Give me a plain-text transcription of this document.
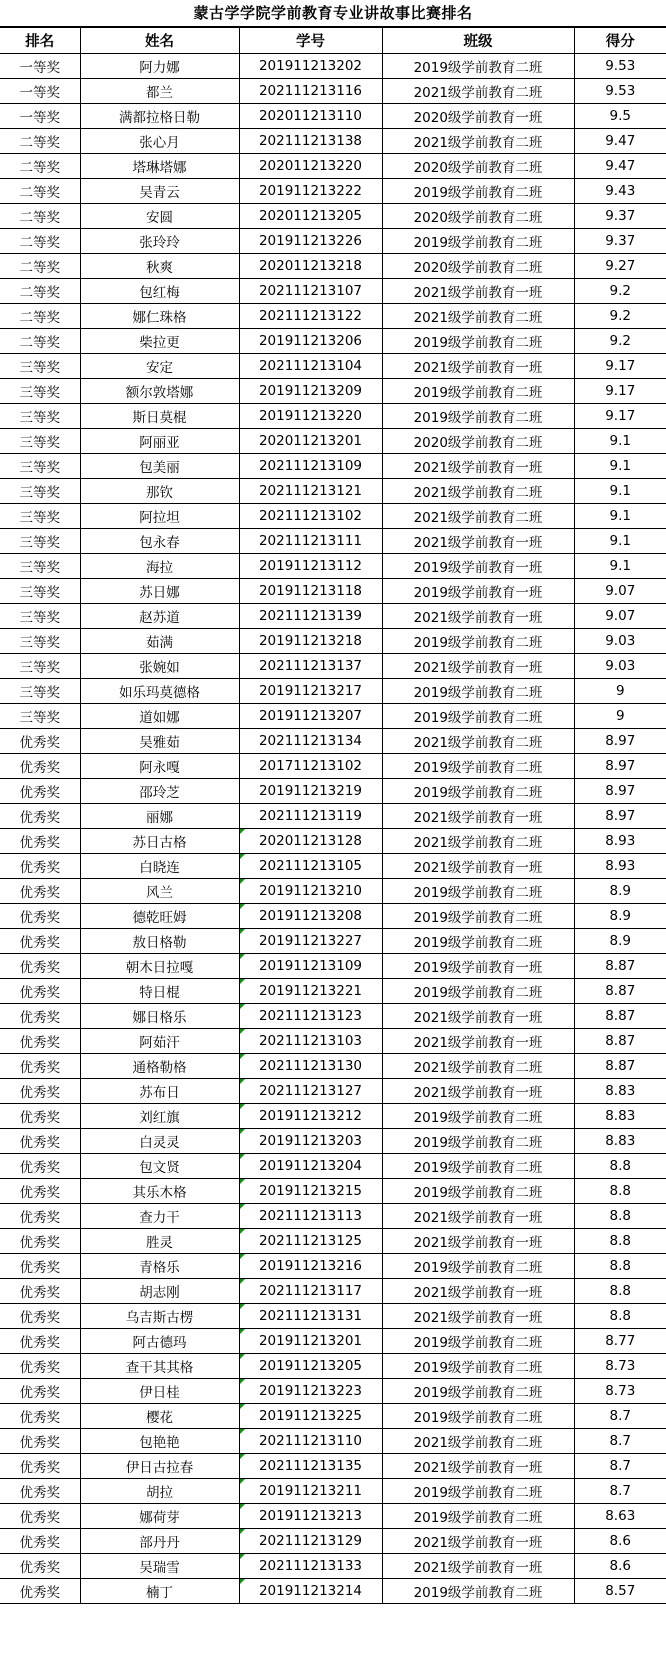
蒙古学学院学前教育专业讲故事比赛排名
排名	姓名	学号	班级	得分
一等奖	阿力娜	201911213202	2019级学前教育二班	9.53
一等奖	都兰	202111213116	2021级学前教育二班	9.53
一等奖	满都拉格日勒	202011213110	2020级学前教育一班	9.5
二等奖	张心月	202111213138	2021级学前教育二班	9.47
二等奖	塔琳塔娜	202011213220	2020级学前教育二班	9.47
二等奖	吴青云	201911213222	2019级学前教育二班	9.43
二等奖	安圆	202011213205	2020级学前教育二班	9.37
二等奖	张玲玲	201911213226	2019级学前教育二班	9.37
二等奖	秋爽	202011213218	2020级学前教育二班	9.27
二等奖	包红梅	202111213107	2021级学前教育一班	9.2
二等奖	娜仁珠格	202111213122	2021级学前教育二班	9.2
二等奖	柴拉更	201911213206	2019级学前教育二班	9.2
三等奖	安定	202111213104	2021级学前教育一班	9.17
三等奖	额尔敦塔娜	201911213209	2019级学前教育二班	9.17
三等奖	斯日莫棍	201911213220	2019级学前教育二班	9.17
三等奖	阿丽亚	202011213201	2020级学前教育二班	9.1
三等奖	包美丽	202111213109	2021级学前教育一班	9.1
三等奖	那钦	202111213121	2021级学前教育二班	9.1
三等奖	阿拉坦	202111213102	2021级学前教育二班	9.1
三等奖	包永春	202111213111	2021级学前教育一班	9.1
三等奖	海拉	201911213112	2019级学前教育一班	9.1
三等奖	苏日娜	201911213118	2019级学前教育一班	9.07
三等奖	赵苏道	202111213139	2021级学前教育一班	9.07
三等奖	茹满	201911213218	2019级学前教育二班	9.03
三等奖	张婉如	202111213137	2021级学前教育一班	9.03
三等奖	如乐玛莫德格	201911213217	2019级学前教育二班	9
三等奖	道如娜	201911213207	2019级学前教育二班	9
优秀奖	吴雅茹	202111213134	2021级学前教育二班	8.97
优秀奖	阿永嘎	201711213102	2019级学前教育二班	8.97
优秀奖	邵玲芝	201911213219	2019级学前教育二班	8.97
优秀奖	丽娜	202111213119	2021级学前教育一班	8.97
优秀奖	苏日古格	202011213128	2021级学前教育二班	8.93
优秀奖	白晓连	202111213105	2021级学前教育一班	8.93
优秀奖	风兰	201911213210	2019级学前教育二班	8.9
优秀奖	德乾旺姆	201911213208	2019级学前教育二班	8.9
优秀奖	敖日格勒	201911213227	2019级学前教育二班	8.9
优秀奖	朝木日拉嘎	201911213109	2019级学前教育一班	8.87
优秀奖	特日棍	201911213221	2019级学前教育二班	8.87
优秀奖	娜日格乐	202111213123	2021级学前教育一班	8.87
优秀奖	阿茹汗	202111213103	2021级学前教育一班	8.87
优秀奖	通格勒格	202111213130	2021级学前教育二班	8.87
优秀奖	苏布日	202111213127	2021级学前教育一班	8.83
优秀奖	刘红旗	201911213212	2019级学前教育二班	8.83
优秀奖	白灵灵	201911213203	2019级学前教育二班	8.83
优秀奖	包文贤	201911213204	2019级学前教育二班	8.8
优秀奖	其乐木格	201911213215	2019级学前教育二班	8.8
优秀奖	查力干	202111213113	2021级学前教育一班	8.8
优秀奖	胜灵	202111213125	2021级学前教育一班	8.8
优秀奖	青格乐	201911213216	2019级学前教育二班	8.8
优秀奖	胡志刚	202111213117	2021级学前教育一班	8.8
优秀奖	乌吉斯古楞	202111213131	2021级学前教育一班	8.8
优秀奖	阿古德玛	201911213201	2019级学前教育二班	8.77
优秀奖	查干其其格	201911213205	2019级学前教育二班	8.73
优秀奖	伊日桂	201911213223	2019级学前教育二班	8.73
优秀奖	樱花	201911213225	2019级学前教育二班	8.7
优秀奖	包艳艳	202111213110	2021级学前教育二班	8.7
优秀奖	伊日古拉春	202111213135	2021级学前教育一班	8.7
优秀奖	胡拉	201911213211	2019级学前教育二班	8.7
优秀奖	娜荷芽	201911213213	2019级学前教育二班	8.63
优秀奖	部丹丹	202111213129	2021级学前教育一班	8.6
优秀奖	吴瑞雪	202111213133	2021级学前教育一班	8.6
优秀奖	楠丁	201911213214	2019级学前教育二班	8.57
